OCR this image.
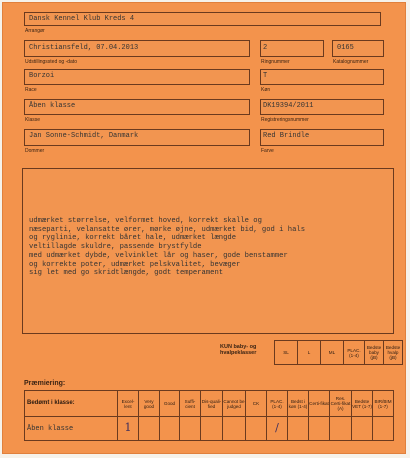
Dansk Kennel Klub Kreds 4
Arrangør
Christiansfeld, 07.04.2013
Udstillingssted og -dato
2
Ringnummer
0165
Katalognummer
Borzoi
Race
T
Køn
Åben klasse
Klasse
DK19394/2011
Registreringsnummer
Jan Sonne-Schmidt, Danmark
Dommer
Red Brindle
Farve
udmærket størrelse, velformet hoved, korrekt skalle og
næseparti, velansatte ører, mørke øjne, udmærket bid, god i hals
og ryglinie, korrekt båret hale, udmærket længde
veltillagde skuldre, passende brystfylde
med udmærket dybde, velvinklet lår og haser, gode benstammer
og korrekte poter, udmærket pelskvalitet, bevæger
sig let med go skridtlængde, godt temperament
KUN baby- og hvalpeklasser	SL	L	ML	PLAC. (1-4)	Bedste baby (jB)	Bedste hvalp (jB)
Præmiering:
Bedømt i klasse:	Excel-lent	Very good	Good	Suffi-cient	Dis-quali-fied	Cannot be judged	CK	PLAC. (1-4)	Bedst i køn (1-4)	Certi-fikat	Res. Certi-fikat (A)	Bedste VET (1-7)	BIR/BIM (1-7)
Åben klasse	1							/					
